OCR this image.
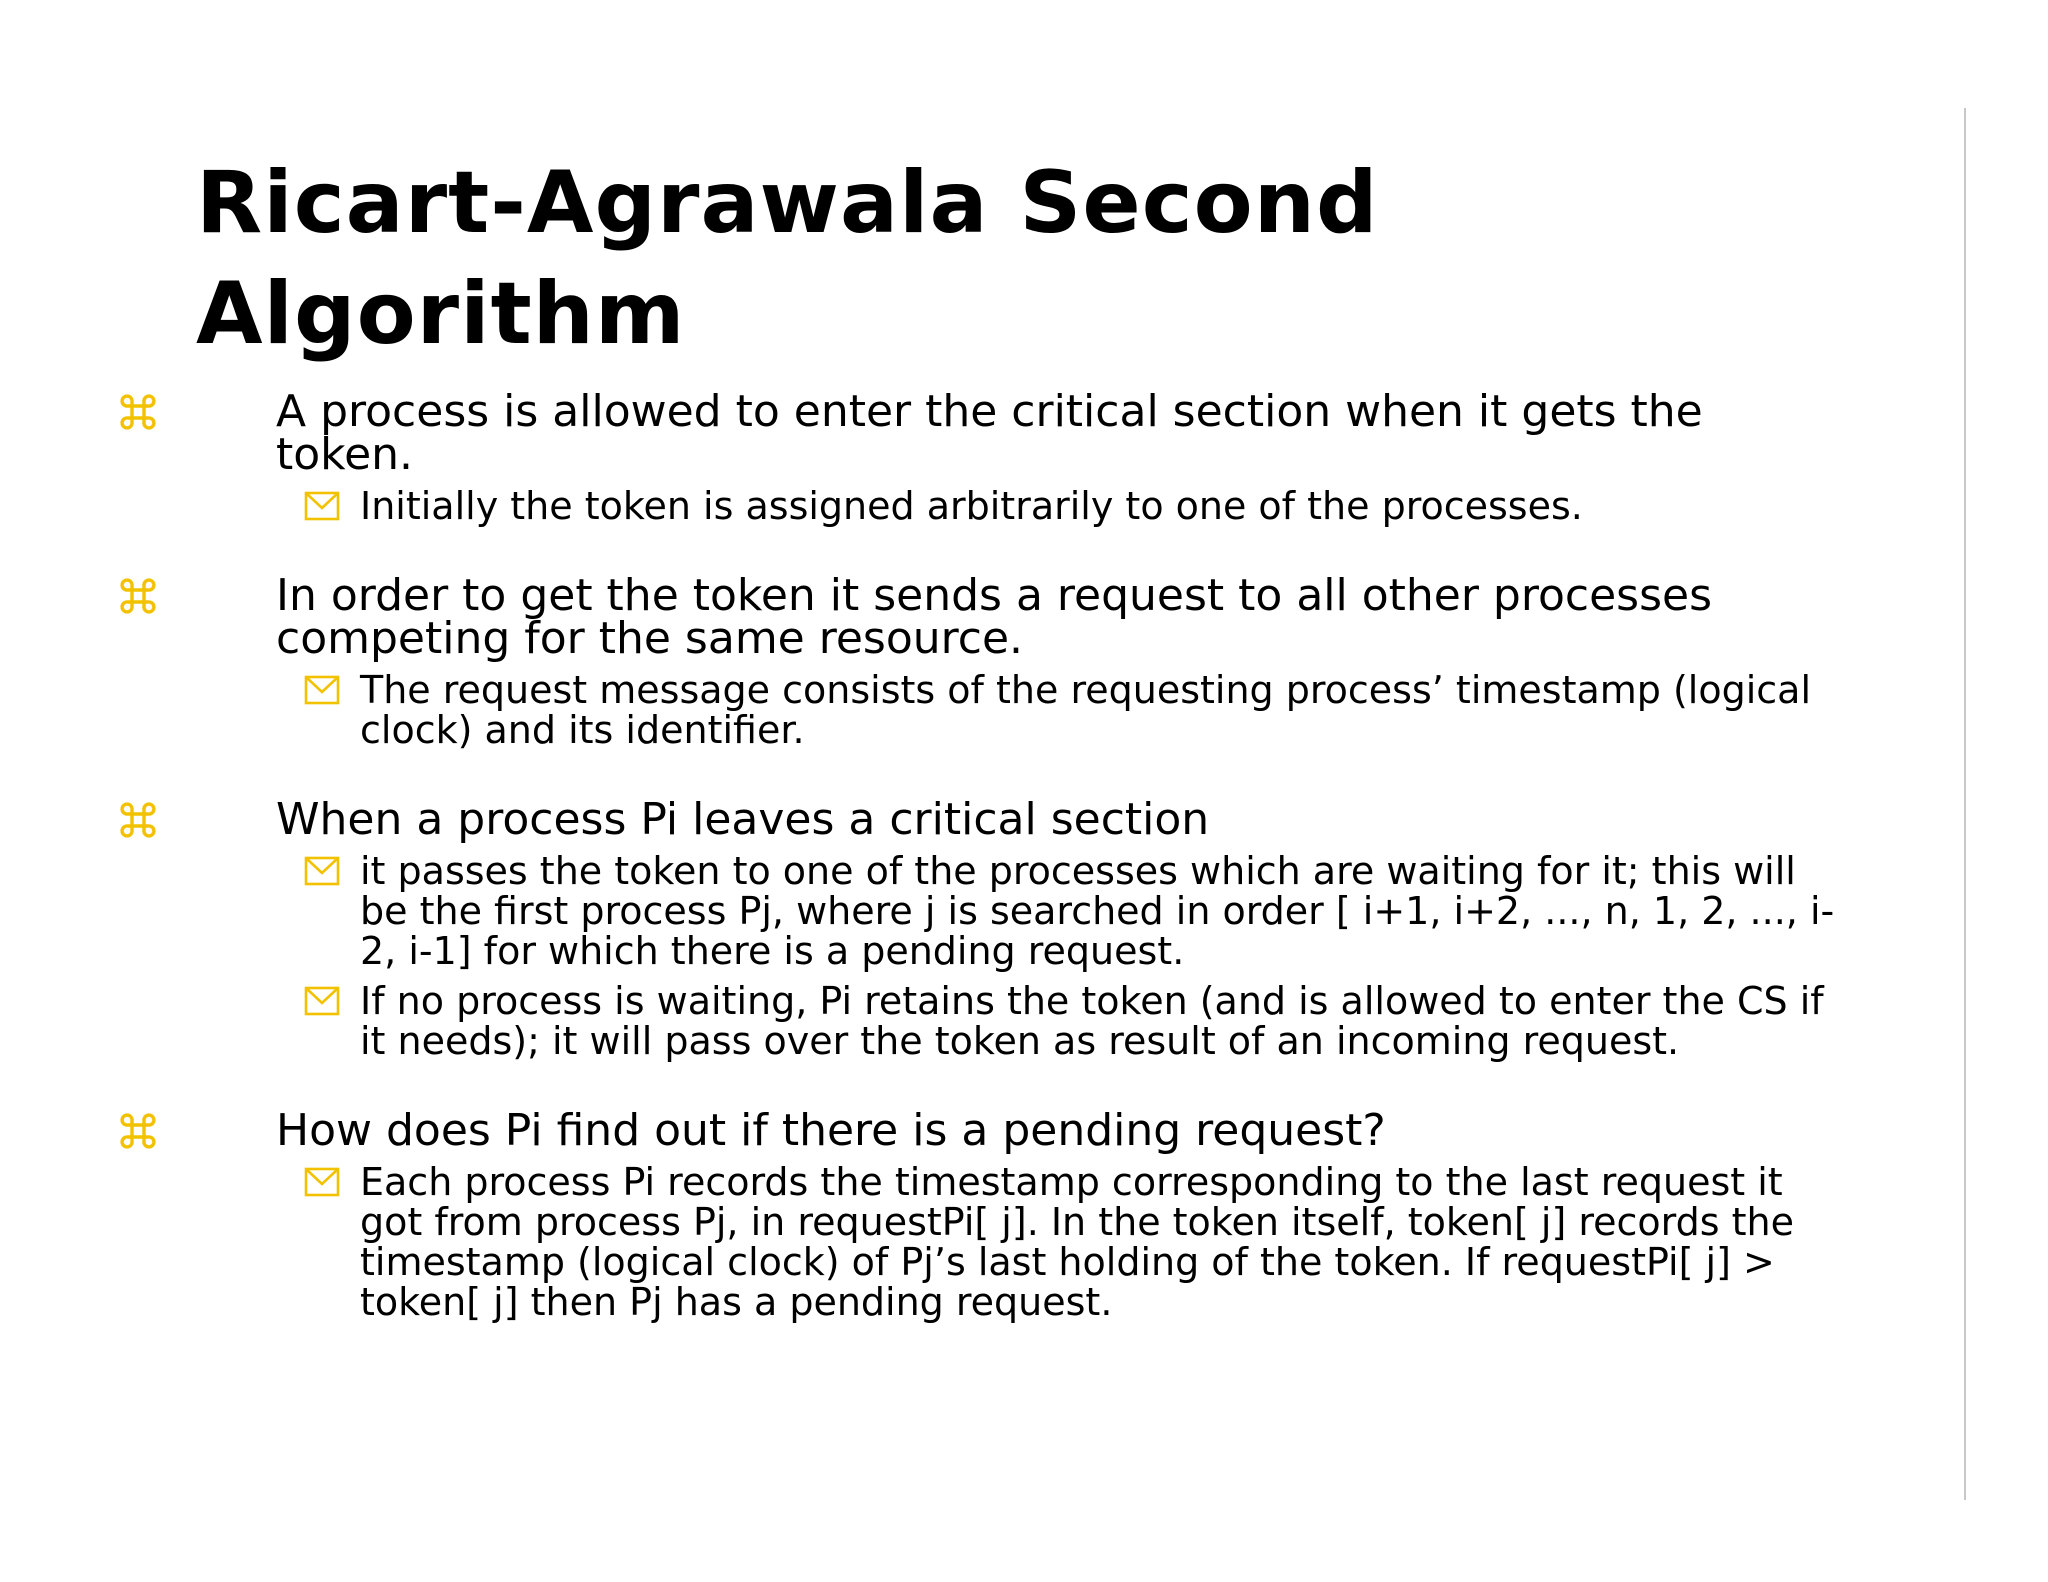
Ricart-Agrawala Second Algorithm
A process is allowed to enter the critical section when it gets the token.
Initially the token is assigned arbitrarily to one of the processes.
In order to get the token it sends a request to all other processes competing for the same resource.
The request message consists of the requesting process’ timestamp (logical clock) and its identifier.
When a process Pi leaves a critical section
it passes the token to one of the processes which are waiting for it; this will be the first process Pj, where j is searched in order [ i+1, i+2, ..., n, 1, 2, ..., i-2, i-1] for which there is a pending request.
If no process is waiting, Pi retains the token (and is allowed to enter the CS if it needs); it will pass over the token as result of an incoming request.
How does Pi find out if there is a pending request?
Each process Pi records the timestamp corresponding to the last request it got from process Pj, in requestPi[ j]. In the token itself, token[ j] records the timestamp (logical clock) of Pj’s last holding of the token. If requestPi[ j] > token[ j] then Pj has a pending request.
